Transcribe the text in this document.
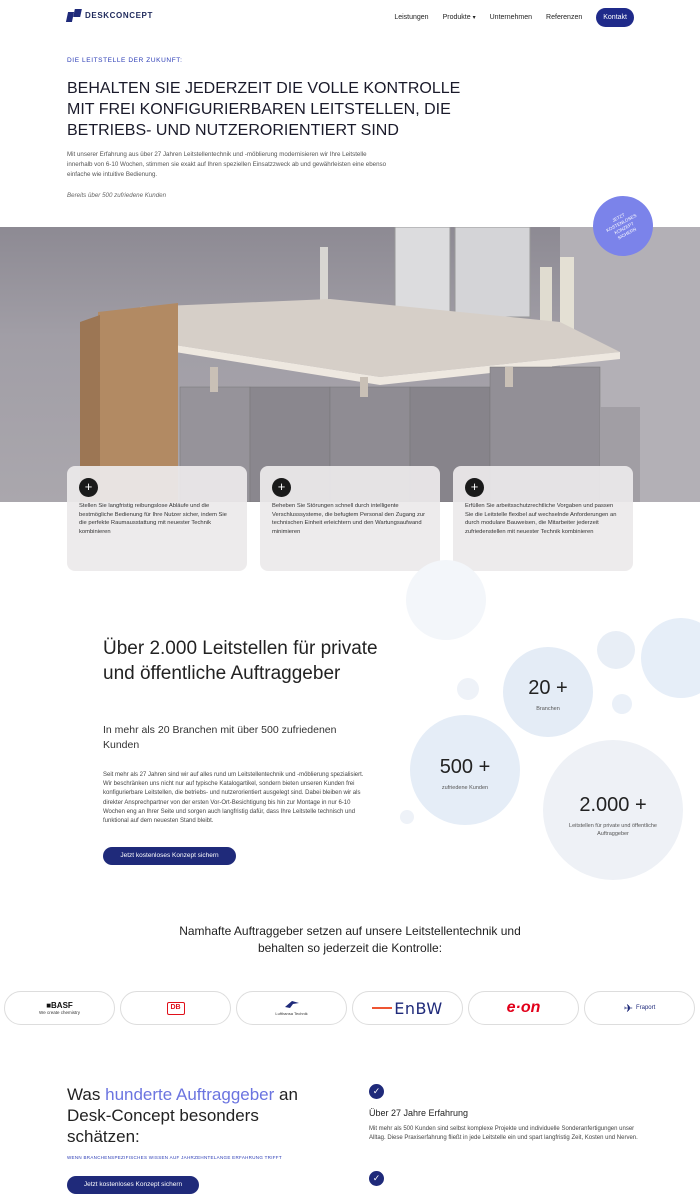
DESKCONCEPT	Leistungen Produkte ▾ Unternehmen Referenzen	Kontakt
DIE LEITSTELLE DER ZUKUNFT:
BEHALTEN SIE JEDERZEIT DIE VOLLE KONTROLLE
MIT FREI KONFIGURIERBAREN LEITSTELLEN, DIE BETRIEBS- UND NUTZERORIENTIERT SIND
Mit unserer Erfahrung aus über 27 Jahren Leitstellentechnik und -möblierung modernisieren wir Ihre Leitstelle innerhalb von 6-10 Wochen, stimmen sie exakt auf Ihren speziellen Einsatzzweck ab und gewährleisten eine ebenso einfache wie intuitive Bedienung.
Bereits über 500 zufriedene Kunden
JETZT KOSTENLOSES KONZEPT SICHERN
+
Stellen Sie langfristig reibungslose Abläufe und die bestmögliche Bedienung für Ihre Nutzer sicher, indem Sie die perfekte Raumausstattung mit neuester Technik kombinieren
+
Beheben Sie Störungen schnell durch intelligente Verschlusssysteme, die befugtem Personal den Zugang zur technischen Einheit erleichtern und den Wartungsaufwand minimieren
+
Erfüllen Sie arbeitsschutzrechtliche Vorgaben und passen Sie die Leitstelle flexibel auf wechselnde Anforderungen an durch modulare Bauweisen, die Mitarbeiter jederzeit zufriedenstellen mit neuester Technik kombinieren
20 +
Branchen
500 +
zufriedene Kunden
2.000 +
Leitstellen für private und öffentliche Auftraggeber
Über 2.000 Leitstellen für private und öffentliche Auftraggeber
In mehr als 20 Branchen mit über 500 zufriedenen Kunden
Seit mehr als 27 Jahren sind wir auf alles rund um Leitstellentechnik und -möblierung spezialisiert. Wir beschränken uns nicht nur auf typische Katalogartikel, sondern bieten unseren Kunden frei konfigurierbare Leitstellen, die betriebs- und nutzerorientiert ausgelegt sind. Dabei bleiben wir als direkter Ansprechpartner von der ersten Vor-Ort-Besichtigung bis hin zur Montage in nur 6-10 Wochen eng an Ihrer Seite und sorgen auch langfristig dafür, dass Ihre Leitstelle technisch und funktional auf dem neuesten Stand bleibt.
Jetzt kostenloses Konzept sichern
Namhafte Auftraggeber setzen auf unsere Leitstellentechnik und behalten so jederzeit die Kontrolle:
■BASF
We create chemistry
DB
Lufthansa Technik	EnBW	e·on	✈ Fraport
Was hunderte Auftraggeber an Desk-Concept besonders schätzen:
WENN BRANCHENSPEZIFISCHES WISSEN AUF JAHRZEHNTELANGE ERFAHRUNG TRIFFT
Jetzt kostenloses Konzept sichern
✓
Über 27 Jahre Erfahrung
Mit mehr als 500 Kunden sind selbst komplexe Projekte und individuelle Sonderanfertigungen unser Alltag. Diese Praxiserfahrung fließt in jede Leitstelle ein und spart langfristig Zeit, Kosten und Nerven.
✓
